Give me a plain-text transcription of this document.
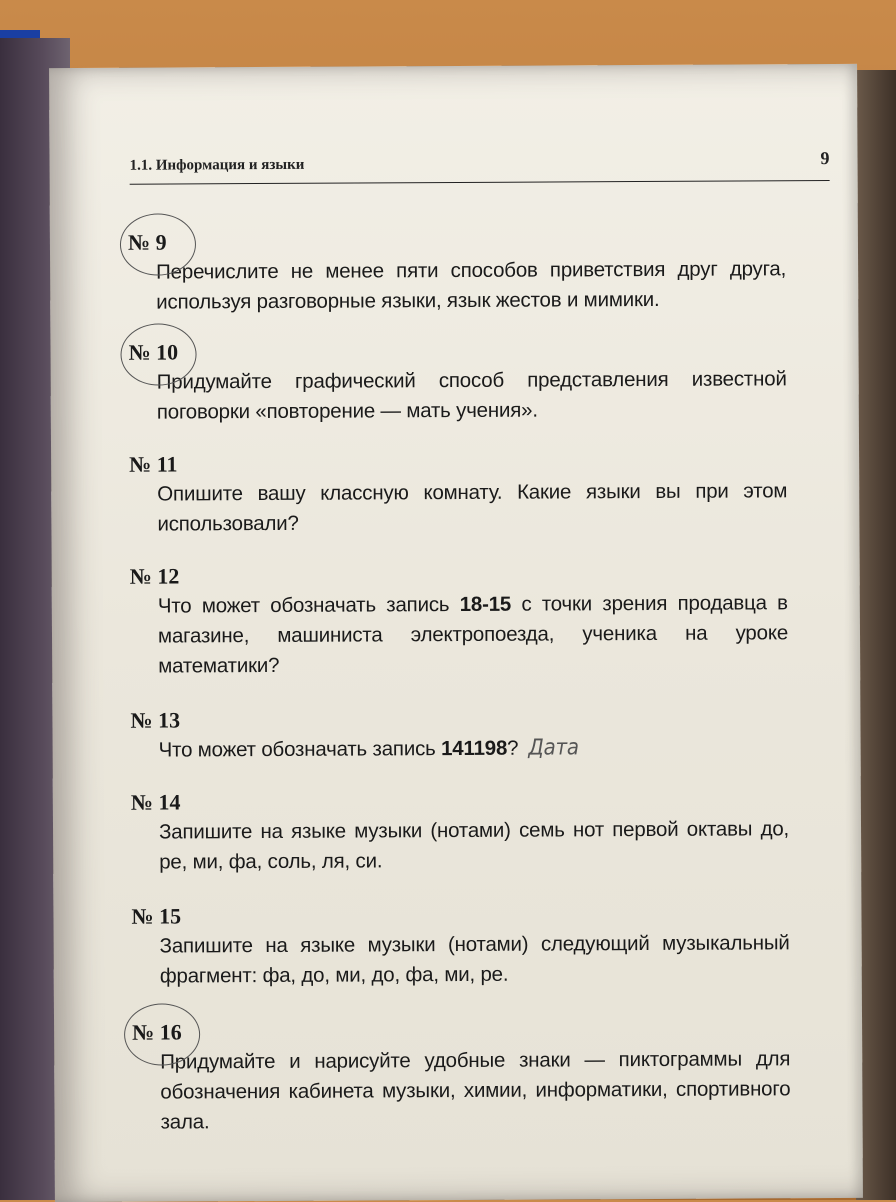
1.1. Информация и языки	9
№ 9
Перечислите не менее пяти способов приветствия друг друга, используя разговорные языки, язык жестов и мимики.
№ 10
Придумайте графический способ представления известной поговорки «повторение — мать учения».
№ 11
Опишите вашу классную комнату. Какие языки вы при этом использовали?
№ 12
Что может обозначать запись 18-15 с точки зрения продавца в магазине, машиниста электропоезда, ученика на уроке математики?
№ 13
Что может обозначать запись 141198? Дата
№ 14
Запишите на языке музыки (нотами) семь нот первой октавы до, ре, ми, фа, соль, ля, си.
№ 15
Запишите на языке музыки (нотами) следующий музыкальный фрагмент: фа, до, ми, до, фа, ми, ре.
№ 16
Придумайте и нарисуйте удобные знаки — пиктограммы для обозначения кабинета музыки, химии, информатики, спортивного зала.
